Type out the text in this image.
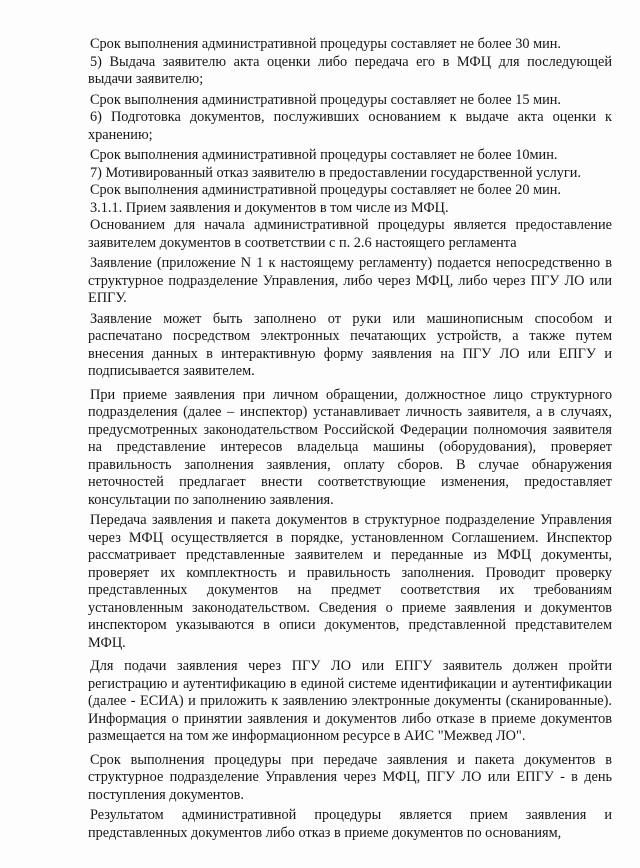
Срок выполнения административной процедуры составляет не более 30 мин.

5) Выдача заявителю акта оценки либо передача его в МФЦ для последующей выдачи заявителю;

Срок выполнения административной процедуры составляет не более 15 мин.

6) Подготовка документов, послуживших основанием к выдаче акта оценки к хранению;

Срок выполнения административной процедуры составляет не более 10мин.

7) Мотивированный отказ заявителю в предоставлении государственной услуги.

Срок выполнения административной процедуры составляет не более 20 мин.

3.1.1. Прием заявления и документов в том числе из МФЦ.

Основанием для начала административной процедуры является предоставление заявителем документов в соответствии с п. 2.6 настоящего регламента

Заявление (приложение N 1 к настоящему регламенту) подается непосредственно в структурное подразделение Управления, либо через МФЦ, либо через ПГУ ЛО или ЕПГУ.

Заявление может быть заполнено от руки или машинописным способом и распечатано посредством электронных печатающих устройств, а также путем внесения данных в интерактивную форму заявления на ПГУ ЛО или ЕПГУ и подписывается заявителем.

При приеме заявления при личном обращении, должностное лицо структурного подразделения (далее – инспектор) устанавливает личность заявителя, а в случаях, предусмотренных законодательством Российской Федерации полномочия заявителя на представление интересов владельца машины (оборудования), проверяет правильность заполнения заявления, оплату сборов. В случае обнаружения неточностей предлагает внести соответствующие изменения, предоставляет консультации по заполнению заявления.

Передача заявления и пакета документов в структурное подразделение Управления через МФЦ осуществляется в порядке, установленном Соглашением. Инспектор рассматривает представленные заявителем и переданные из МФЦ документы, проверяет их комплектность и правильность заполнения. Проводит проверку представленных документов на предмет соответствия их требованиям установленным законодательством. Сведения о приеме заявления и документов инспектором указываются в описи документов, представленной представителем МФЦ.

Для подачи заявления через ПГУ ЛО или ЕПГУ заявитель должен пройти регистрацию и аутентификацию в единой системе идентификации и аутентификации (далее - ЕСИА) и приложить к заявлению электронные документы (сканированные). Информация о принятии заявления и документов либо отказе в приеме документов размещается на том же информационном ресурсе в АИС "Межвед ЛО".

Срок выполнения процедуры при передаче заявления и пакета документов в структурное подразделение Управления через МФЦ, ПГУ ЛО или ЕПГУ - в день поступления документов.

Результатом административной процедуры является прием заявления и представленных документов либо отказ в приеме документов по основаниям,
